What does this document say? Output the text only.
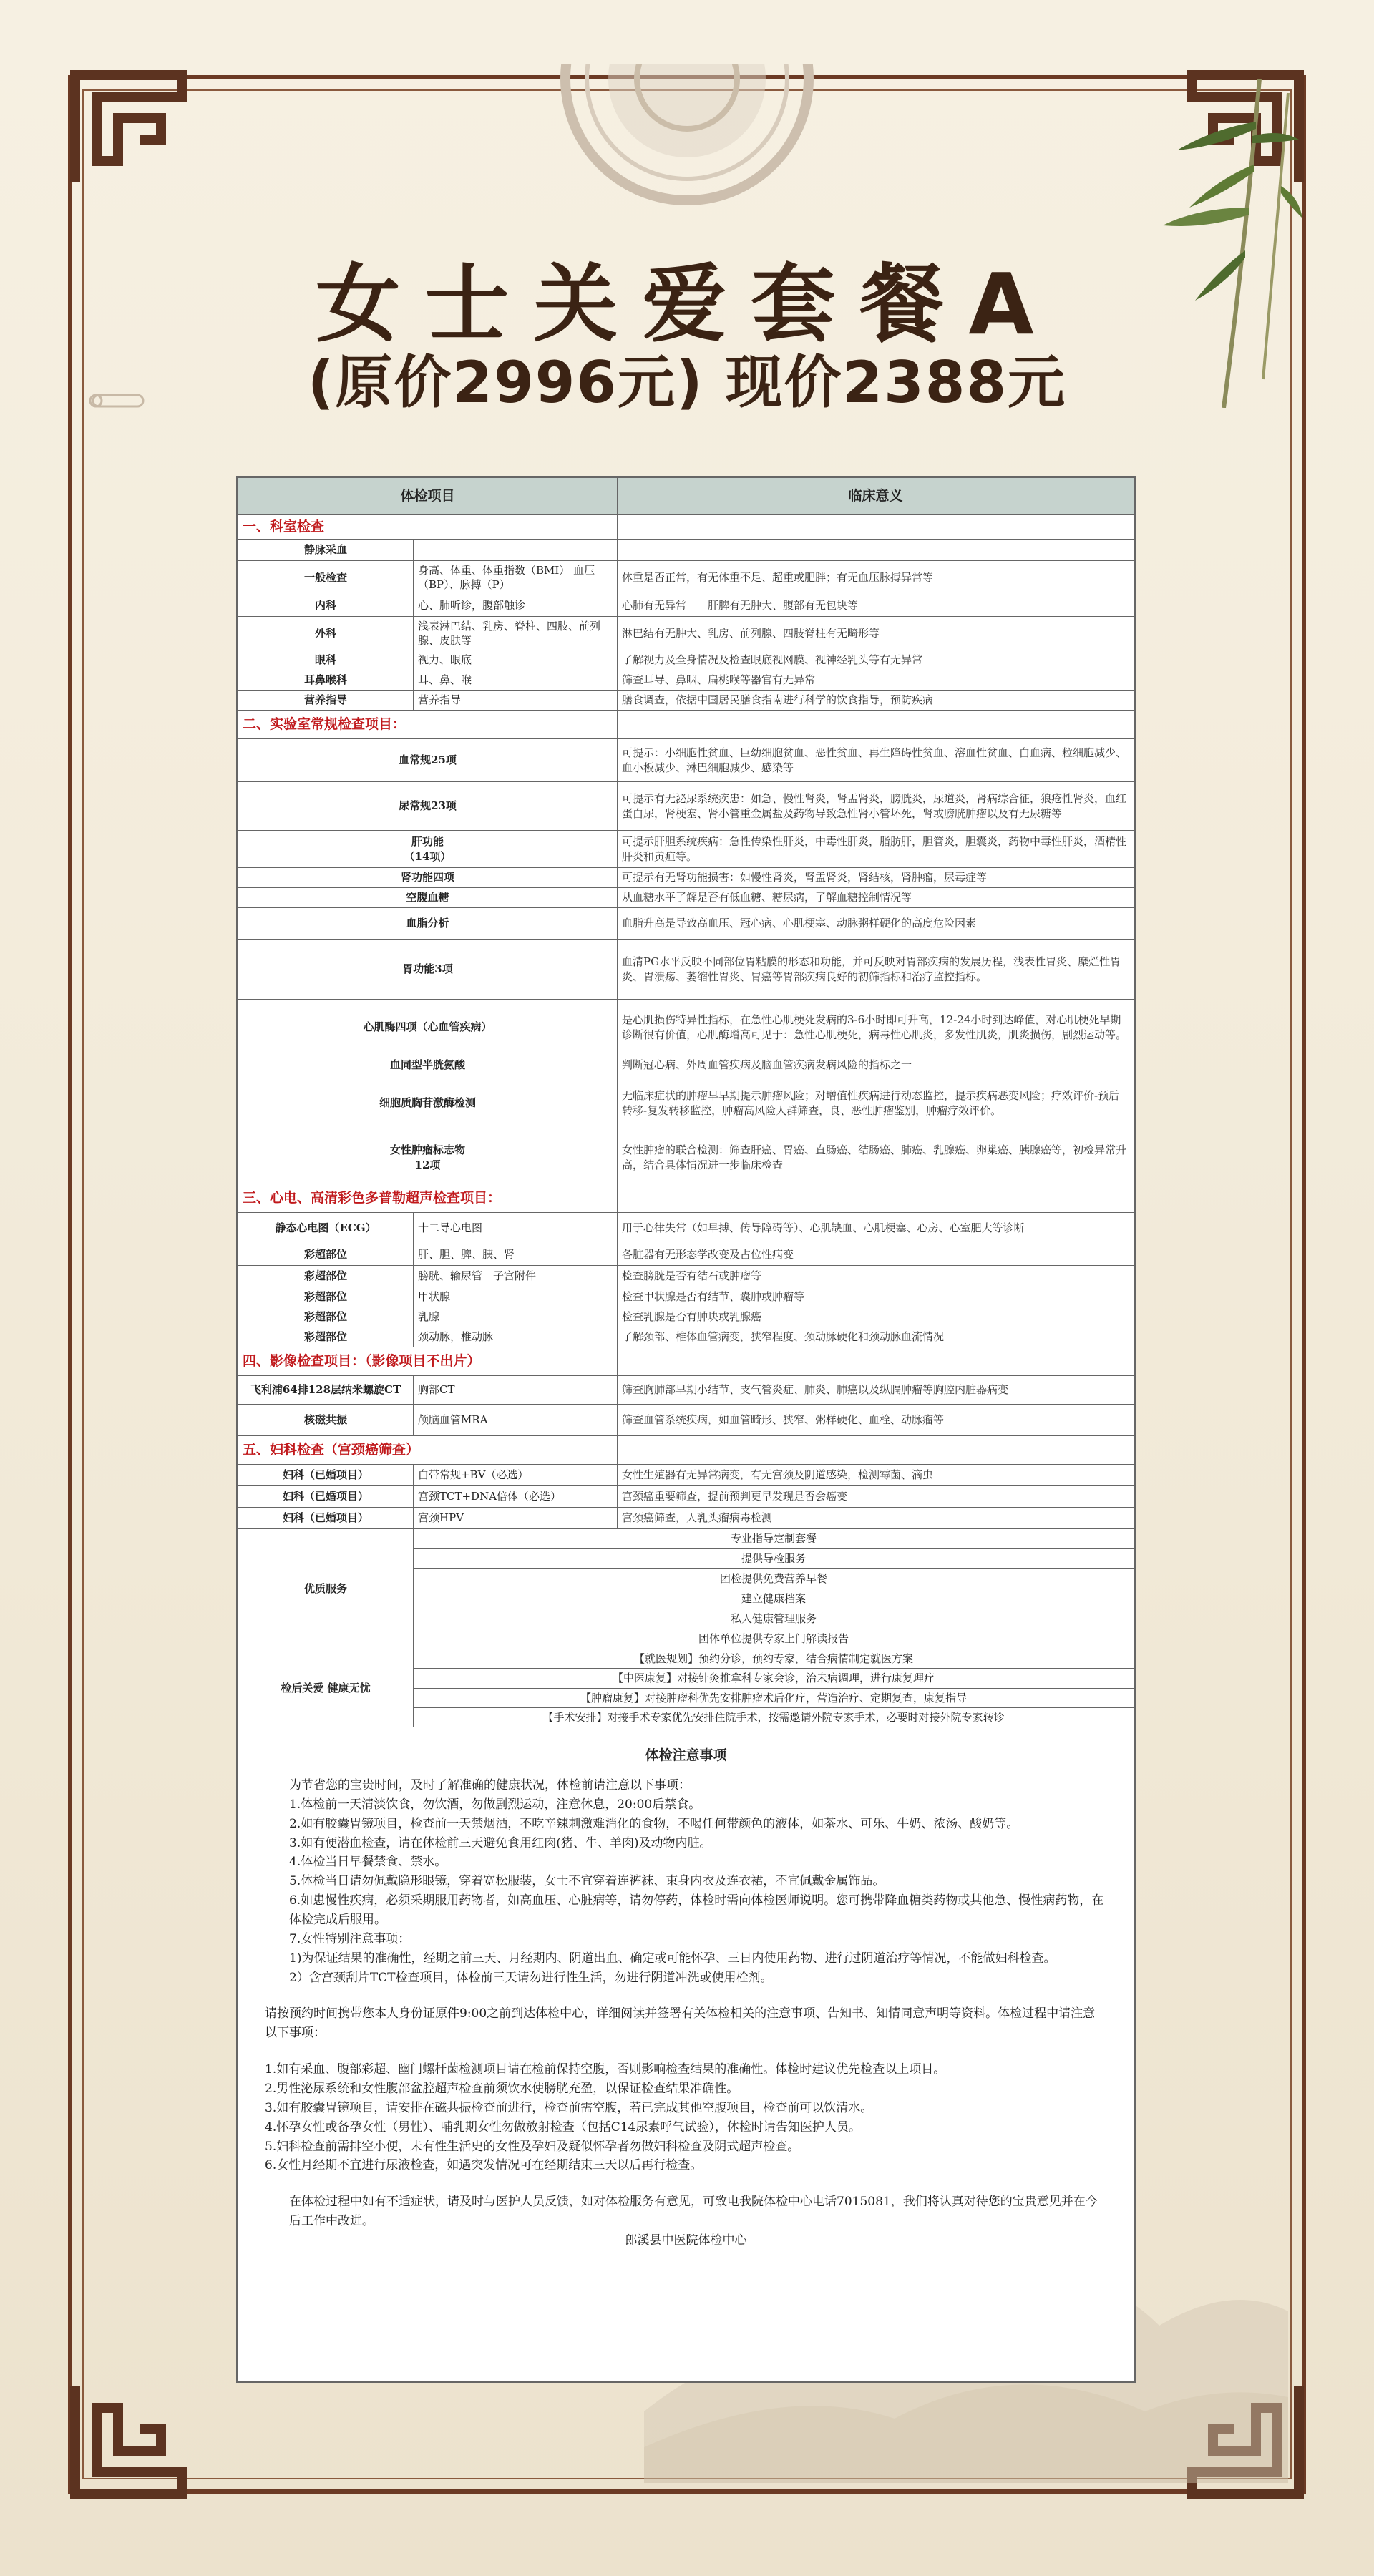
女士关爱套餐A
(原价2996元) 现价2388元
体检项目		临床意义
一、科室检查		
静脉采血		
一般检查	身高、体重、体重指数（BMI） 血压（BP）、脉搏（P）	体重是否正常，有无体重不足、超重或肥胖；有无血压脉搏异常等
内科	心、肺听诊，腹部触诊	心肺有无异常　　肝脾有无肿大、腹部有无包块等
外科	浅表淋巴结、乳房、脊柱、四肢、前列腺、皮肤等	淋巴结有无肿大、乳房、前列腺、四肢脊柱有无畸形等
眼科	视力、眼底	了解视力及全身情况及检查眼底视网膜、视神经乳头等有无异常
耳鼻喉科	耳、鼻、喉	筛查耳导、鼻咽、扁桃喉等器官有无异常
营养指导	营养指导	膳食调查，依据中国居民膳食指南进行科学的饮食指导，预防疾病
二、实验室常规检查项目：		
血常规25项		可提示：小细胞性贫血、巨幼细胞贫血、恶性贫血、再生障碍性贫血、溶血性贫血、白血病、粒细胞减少、血小板减少、淋巴细胞减少、感染等
尿常规23项		可提示有无泌尿系统疾患：如急、慢性肾炎，肾盂肾炎，膀胱炎，尿道炎，肾病综合征，狼疮性肾炎，血红蛋白尿，肾梗塞、肾小管重金属盐及药物导致急性肾小管坏死，肾或膀胱肿瘤以及有无尿糖等
肝功能
（14项）		可提示肝胆系统疾病：急性传染性肝炎，中毒性肝炎，脂肪肝，胆管炎，胆囊炎，药物中毒性肝炎，酒精性肝炎和黄疸等。
肾功能四项		可提示有无肾功能损害：如慢性肾炎，肾盂肾炎，肾结核，肾肿瘤，尿毒症等
空腹血糖		从血糖水平了解是否有低血糖、糖尿病，了解血糖控制情况等
血脂分析		血脂升高是导致高血压、冠心病、心肌梗塞、动脉粥样硬化的高度危险因素
胃功能3项		血清PG水平反映不同部位胃粘膜的形态和功能，并可反映对胃部疾病的发展历程，浅表性胃炎、糜烂性胃炎、胃溃疡、萎缩性胃炎、胃癌等胃部疾病良好的初筛指标和治疗监控指标。
心肌酶四项（心血管疾病）		是心肌损伤特异性指标，在急性心肌梗死发病的3-6小时即可升高，12-24小时到达峰值，对心肌梗死早期诊断很有价值，心肌酶增高可见于：急性心肌梗死，病毒性心肌炎，多发性肌炎，肌炎损伤，剧烈运动等。
血同型半胱氨酸		判断冠心病、外周血管疾病及脑血管疾病发病风险的指标之一
细胞质胸苷激酶检测		无临床症状的肿瘤早早期提示肿瘤风险；对增值性疾病进行动态监控，提示疾病恶变风险；疗效评价-预后转移-复发转移监控，肿瘤高风险人群筛查，良、恶性肿瘤鉴别，肿瘤疗效评价。
女性肿瘤标志物
12项		女性肿瘤的联合检测：筛查肝癌、胃癌、直肠癌、结肠癌、肺癌、乳腺癌、卵巢癌、胰腺癌等，初检异常升高，结合具体情况进一步临床检查
三、心电、高清彩色多普勒超声检查项目：		
静态心电图（ECG）	十二导心电图	用于心律失常（如早搏、传导障碍等）、心肌缺血、心肌梗塞、心房、心室肥大等诊断
彩超部位	肝、胆、脾、胰、肾	各脏器有无形态学改变及占位性病变
彩超部位	膀胱、输尿管　子宫附件	检查膀胱是否有结石或肿瘤等
彩超部位	甲状腺	检查甲状腺是否有结节、囊肿或肿瘤等
彩超部位	乳腺	检查乳腺是否有肿块或乳腺癌
彩超部位	颈动脉，椎动脉	了解颈部、椎体血管病变，狭窄程度、颈动脉硬化和颈动脉血流情况
四、影像检查项目：（影像项目不出片）		
飞利浦64排128层纳米螺旋CT	胸部CT	筛查胸肺部早期小结节、支气管炎症、肺炎、肺癌以及纵膈肿瘤等胸腔内脏器病变
核磁共振	颅脑血管MRA	筛查血管系统疾病，如血管畸形、狭窄、粥样硬化、血栓、动脉瘤等
五、妇科检查（宫颈癌筛查）		
妇科（已婚项目）	白带常规+BV（必选）	女性生殖器有无异常病变，有无宫颈及阴道感染，检测霉菌、滴虫
妇科（已婚项目）	宫颈TCT+DNA倍体（必选）	宫颈癌重要筛查，提前预判更早发现是否会癌变
妇科（已婚项目）	宫颈HPV	宫颈癌筛查，人乳头瘤病毒检测
优质服务	专业指导定制套餐	
	提供导检服务	
	团检提供免费营养早餐	
	建立健康档案	
	私人健康管理服务	
	团体单位提供专家上门解读报告	
检后关爱 健康无忧	【就医规划】预约分诊，预约专家，结合病情制定就医方案	
	【中医康复】对接针灸推拿科专家会诊，治未病调理，进行康复理疗	
	【肿瘤康复】对接肿瘤科优先安排肿瘤术后化疗，营造治疗、定期复查，康复指导	
	【手术安排】对接手术专家优先安排住院手术，按需邀请外院专家手术，必要时对接外院专家转诊	

体检注意事项

为节省您的宝贵时间，及时了解准确的健康状况，体检前请注意以下事项：

1.体检前一天清淡饮食，勿饮酒，勿做剧烈运动，注意休息，20:00后禁食。

2.如有胶囊胃镜项目，检查前一天禁烟酒，不吃辛辣刺激难消化的食物，不喝任何带颜色的液体，如茶水、可乐、牛奶、浓汤、酸奶等。

3.如有便潜血检查，请在体检前三天避免食用红肉(猪、牛、羊肉)及动物内脏。

4.体检当日早餐禁食、禁水。

5.体检当日请勿佩戴隐形眼镜，穿着宽松服装，女士不宜穿着连裤袜、束身内衣及连衣裙，不宜佩戴金属饰品。

6.如患慢性疾病，必须采期服用药物者，如高血压、心脏病等，请勿停药，体检时需向体检医师说明。您可携带降血糖类药物或其他急、慢性病药物，在体检完成后服用。

7.女性特别注意事项：

1)为保证结果的准确性，经期之前三天、月经期内、阴道出血、确定或可能怀孕、三日内使用药物、进行过阴道治疗等情况，不能做妇科检查。

2）含宫颈刮片TCT检查项目，体检前三天请勿进行性生活，勿进行阴道冲洗或使用栓剂。

请按预约时间携带您本人身份证原件9:00之前到达体检中心，详细阅读并签署有关体检相关的注意事项、告知书、知情同意声明等资料。体检过程中请注意以下事项：

1.如有采血、腹部彩超、幽门螺杆菌检测项目请在检前保持空腹，否则影响检查结果的准确性。体检时建议优先检查以上项目。

2.男性泌尿系统和女性腹部盆腔超声检查前须饮水使膀胱充盈，以保证检查结果准确性。

3.如有胶囊胃镜项目，请安排在磁共振检查前进行，检查前需空腹，若已完成其他空腹项目，检查前可以饮清水。

4.怀孕女性或备孕女性（男性）、哺乳期女性勿做放射检查（包括C14尿素呼气试验），体检时请告知医护人员。

5.妇科检查前需排空小便，未有性生活史的女性及孕妇及疑似怀孕者勿做妇科检查及阴式超声检查。

6.女性月经期不宜进行尿液检查，如遇突发情况可在经期结束三天以后再行检查。

在体检过程中如有不适症状，请及时与医护人员反馈，如对体检服务有意见，可致电我院体检中心电话7015081，我们将认真对待您的宝贵意见并在今后工作中改进。

郎溪县中医院体检中心
